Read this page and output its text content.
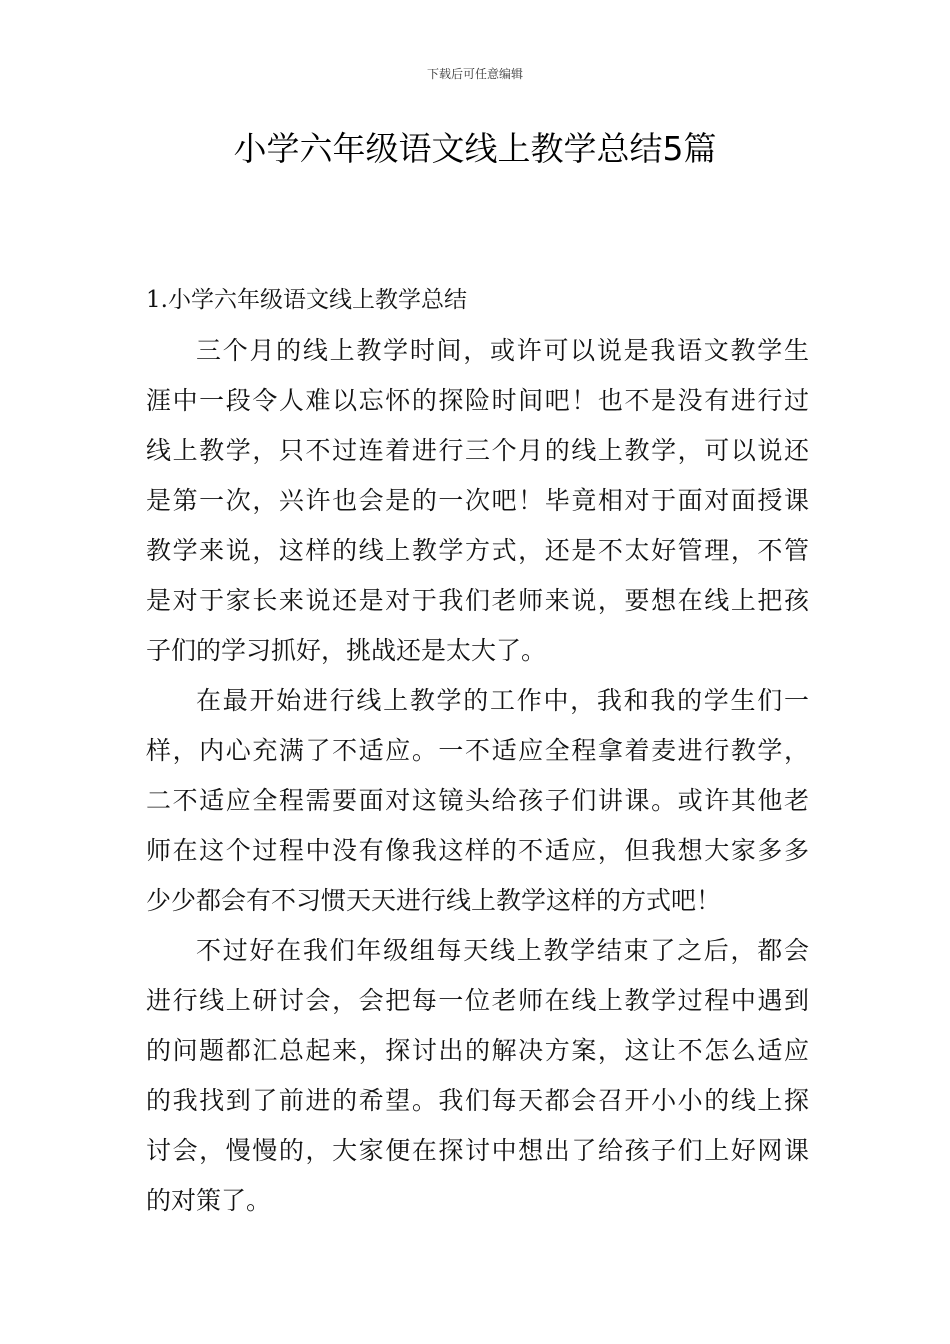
下载后可任意编辑
小学六年级语文线上教学总结5篇
1.小学六年级语文线上教学总结

三个月的线上教学时间，或许可以说是我语文教学生
涯中一段令人难以忘怀的探险时间吧！也不是没有进行过
线上教学，只不过连着进行三个月的线上教学，可以说还
是第一次，兴许也会是的一次吧！毕竟相对于面对面授课
教学来说，这样的线上教学方式，还是不太好管理，不管
是对于家长来说还是对于我们老师来说，要想在线上把孩
子们的学习抓好，挑战还是太大了。

在最开始进行线上教学的工作中，我和我的学生们一
样，内心充满了不适应。一不适应全程拿着麦进行教学，
二不适应全程需要面对这镜头给孩子们讲课。或许其他老
师在这个过程中没有像我这样的不适应，但我想大家多多
少少都会有不习惯天天进行线上教学这样的方式吧！

不过好在我们年级组每天线上教学结束了之后，都会
进行线上研讨会，会把每一位老师在线上教学过程中遇到
的问题都汇总起来，探讨出的解决方案，这让不怎么适应
的我找到了前进的希望。我们每天都会召开小小的线上探
讨会，慢慢的，大家便在探讨中想出了给孩子们上好网课
的对策了。
